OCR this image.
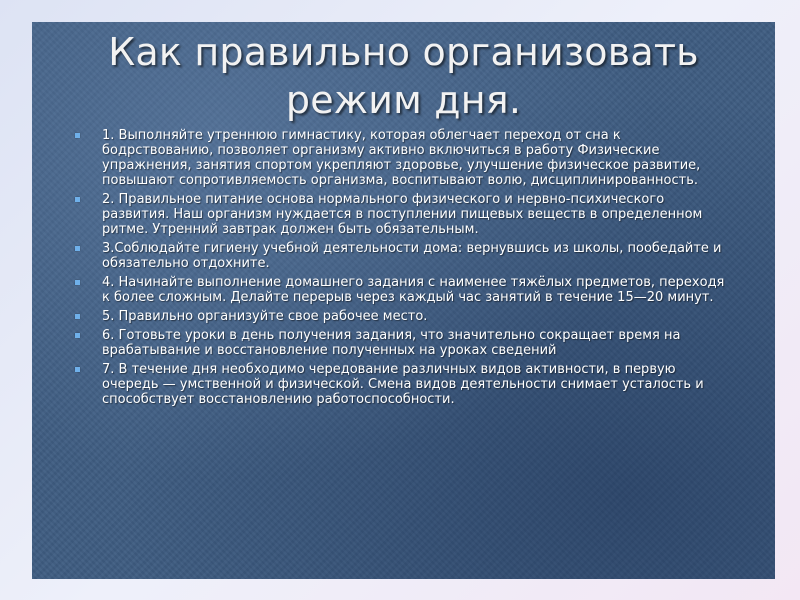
Как правильно организовать
режим дня.
1. Выполняйте утреннюю гимнастику, которая облегчает переход от сна к бодрствованию, позволяет организму активно включиться в работу Физические упражнения, занятия спортом укрепляют здоровье, улучшение физическое развитие, повышают сопротивляемость организма, воспитывают волю, дисциплинированность.
2. Правильное питание основа нормального физического и нервно-психического развития. Наш организм нуждается в поступлении пищевых веществ в определенном ритме. Утренний завтрак должен быть обязательным.
3.Соблюдайте гигиену учебной деятельности дома: вернувшись из школы, пообедайте и обязательно отдохните.
4. Начинайте выполнение домашнего задания с наименее тяжёлых предметов, переходя к более сложным. Делайте перерыв через каждый час занятий в течение 15—20 минут.
5. Правильно организуйте свое рабочее место.
6. Готовьте уроки в день получения задания, что значительно сокращает время на врабатывание и восстановление полученных на уроках сведений
7. В течение дня необходимо чередование различных видов активности, в первую очередь — умственной и физической. Смена видов деятельности снимает усталость и способствует восстановлению работоспособности.
